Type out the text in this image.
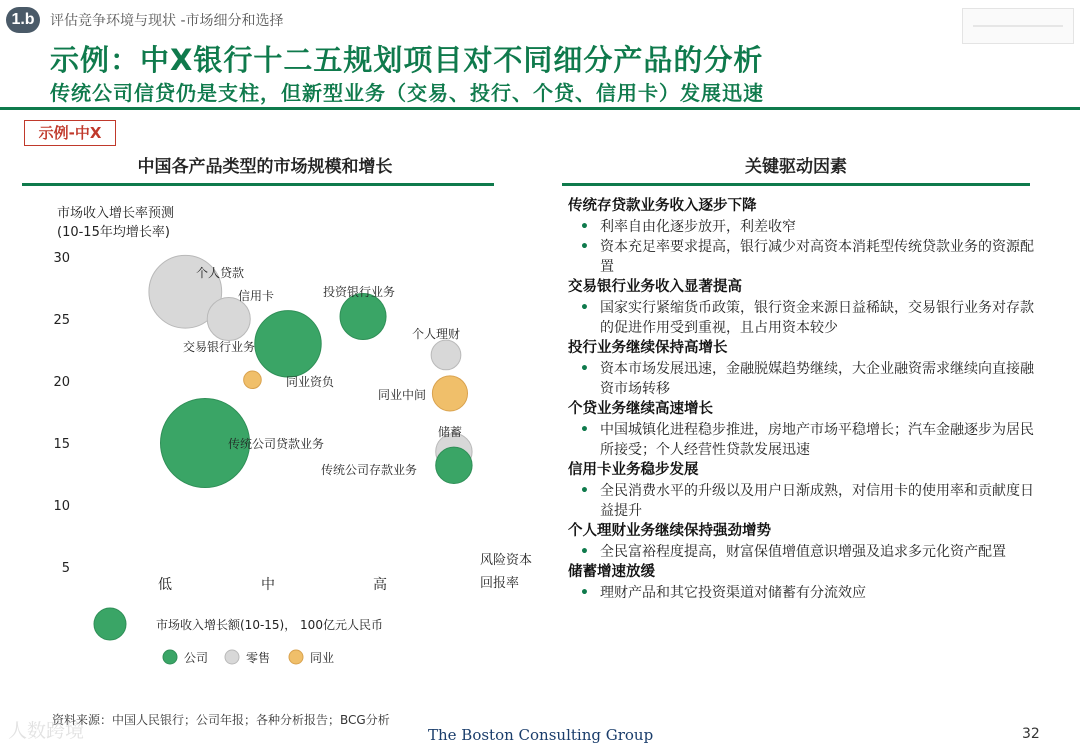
1.b	评估竞争环境与现状 -市场细分和选择
示例：中X银行十二五规划项目对不同细分产品的分析
传统公司信贷仍是支柱，但新型业务（交易、投行、个贷、信用卡）发展迅速
示例-中X
中国各产品类型的市场规模和增长	关键驱动因素
市场收入增长率预测
(10-15年均增长率)
30
25
20
15
10
5
低	中	高
风险资本
回报率
个人贷款
信用卡
交易银行业务
投资银行业务
个人理财
同业资负
同业中间
传统公司贷款业务
储蓄
传统公司存款业务
市场收入增长额(10-15)， 100亿元人民币
公司	零售	同业
传统存贷款业务收入逐步下降
• 利率自由化逐步放开，利差收窄
• 资本充足率要求提高，银行减少对高资本消耗型传统贷款业务的资源配置
交易银行业务收入显著提高
• 国家实行紧缩货币政策，银行资金来源日益稀缺，交易银行业务对存款的促进作用受到重视，且占用资本较少
投行业务继续保持高增长
• 资本市场发展迅速，金融脱媒趋势继续，大企业融资需求继续向直接融资市场转移
个贷业务继续高速增长
• 中国城镇化进程稳步推进，房地产市场平稳增长；汽车金融逐步为居民所接受；个人经营性贷款发展迅速
信用卡业务稳步发展
• 全民消费水平的升级以及用户日渐成熟，对信用卡的使用率和贡献度日益提升
个人理财业务继续保持强劲增势
• 全民富裕程度提高，财富保值增值意识增强及追求多元化资产配置
储蓄增速放缓
• 理财产品和其它投资渠道对储蓄有分流效应
人数跨境
资料来源：中国人民银行；公司年报；各种分析报告；BCG分析
The Boston Consulting Group	32
